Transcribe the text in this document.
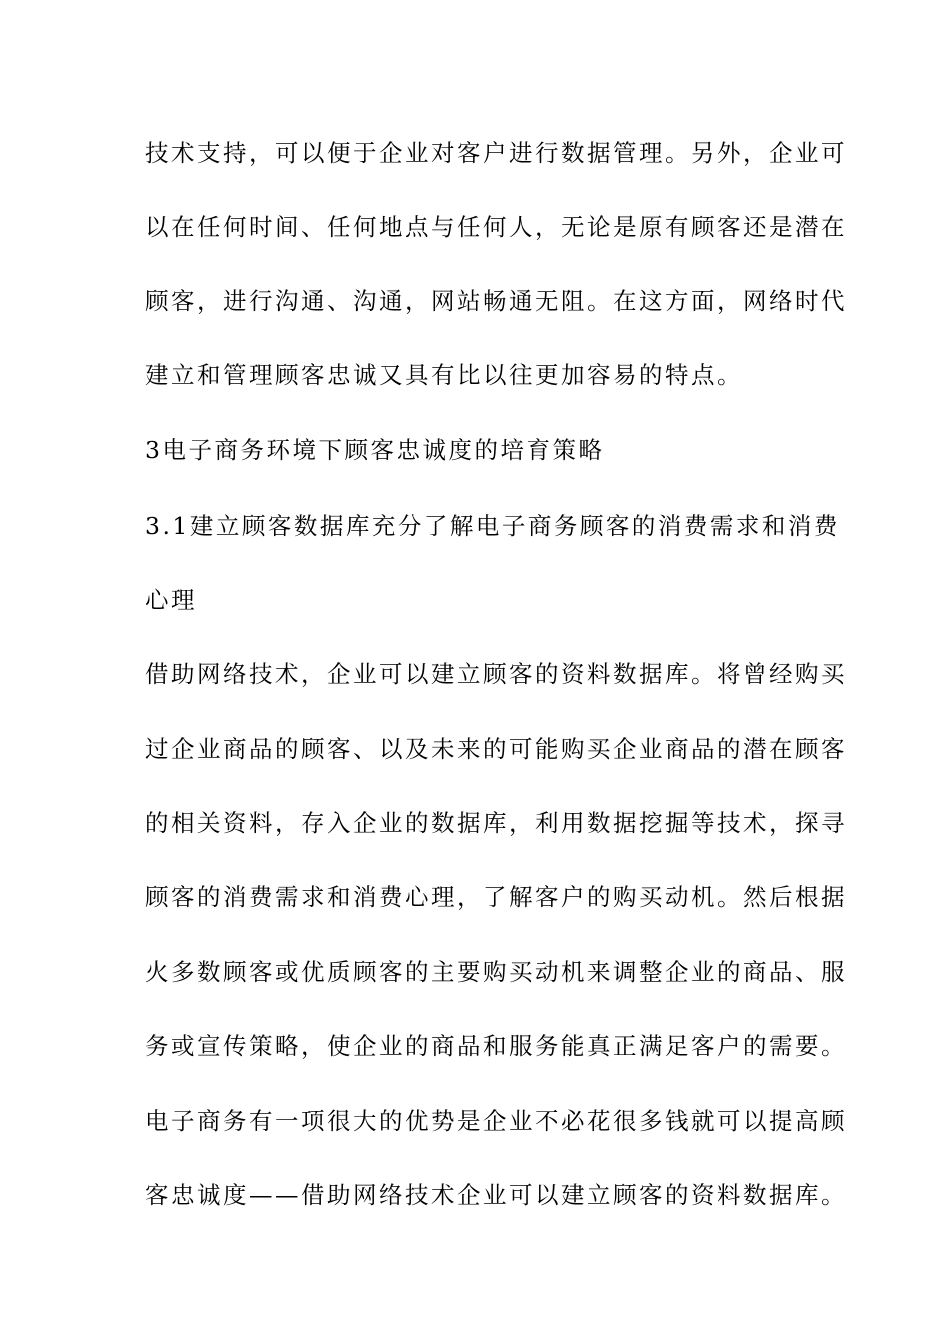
技术支持，可以便于企业对客户进行数据管理。另外，企业可
以在任何时间、任何地点与任何人，无论是原有顾客还是潜在
顾客，进行沟通、沟通，网站畅通无阻。在这方面，网络时代
建立和管理顾客忠诚又具有比以往更加容易的特点。
3电子商务环境下顾客忠诚度的培育策略
3.1建立顾客数据库充分了解电子商务顾客的消费需求和消费
心理
借助网络技术，企业可以建立顾客的资料数据库。将曾经购买
过企业商品的顾客、以及未来的可能购买企业商品的潜在顾客
的相关资料，存入企业的数据库，利用数据挖掘等技术，探寻
顾客的消费需求和消费心理，了解客户的购买动机。然后根据
火多数顾客或优质顾客的主要购买动机来调整企业的商品、服
务或宣传策略，使企业的商品和服务能真正满足客户的需要。
电子商务有一项很大的优势是企业不必花很多钱就可以提高顾
客忠诚度——借助网络技术企业可以建立顾客的资料数据库。
